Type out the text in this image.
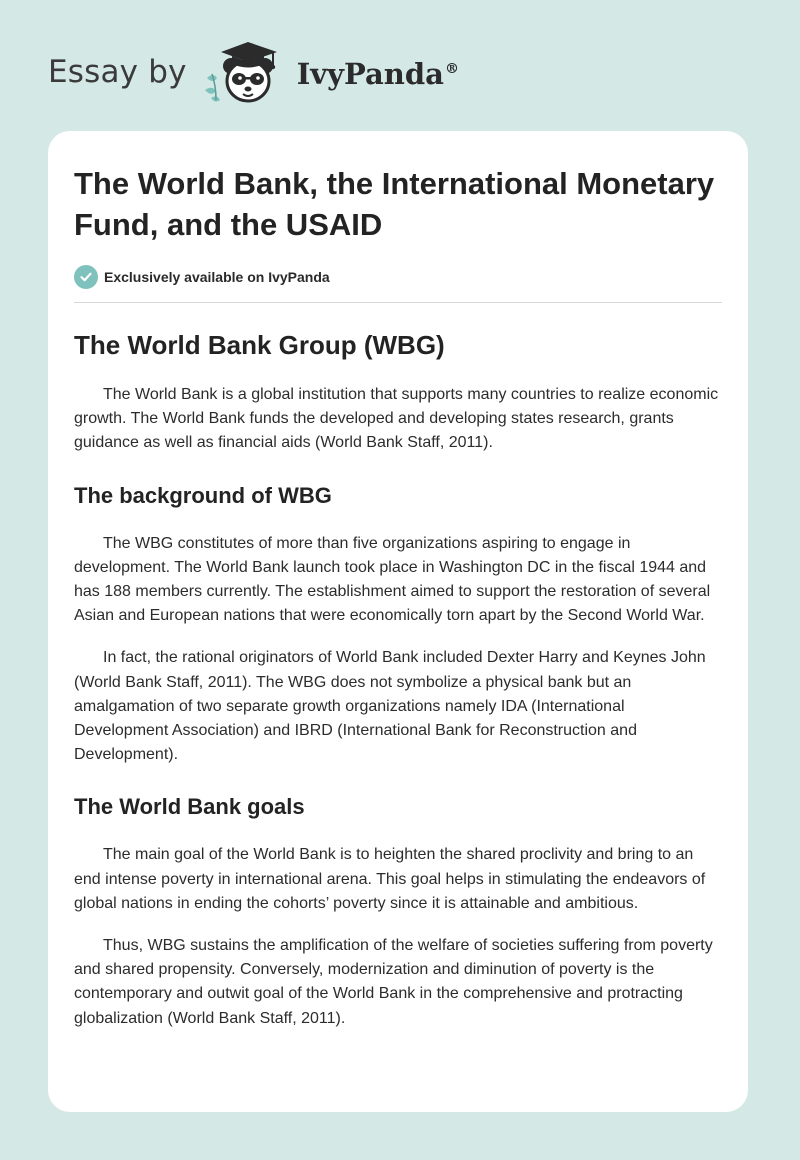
Essay by	IvyPanda®
The World Bank, the International Monetary Fund, and the USAID
Exclusively available on IvyPanda
The World Bank Group (WBG)

The World Bank is a global institution that supports many countries to realize economic growth. The World Bank funds the developed and developing states research, grants guidance as well as financial aids (World Bank Staff, 2011).

The background of WBG

The WBG constitutes of more than five organizations aspiring to engage in development. The World Bank launch took place in Washington DC in the fiscal 1944 and has 188 members currently. The establishment aimed to support the restoration of several Asian and European nations that were economically torn apart by the Second World War.

In fact, the rational originators of World Bank included Dexter Harry and Keynes John (World Bank Staff, 2011). The WBG does not symbolize a physical bank but an amalgamation of two separate growth organizations namely IDA (International Development Association) and IBRD (International Bank for Reconstruction and Development).

The World Bank goals

The main goal of the World Bank is to heighten the shared proclivity and bring to an end intense poverty in international arena. This goal helps in stimulating the endeavors of global nations in ending the cohorts’ poverty since it is attainable and ambitious.

Thus, WBG sustains the amplification of the welfare of societies suffering from poverty and shared propensity. Conversely, modernization and diminution of poverty is the contemporary and outwit goal of the World Bank in the comprehensive and protracting globalization (World Bank Staff, 2011).
